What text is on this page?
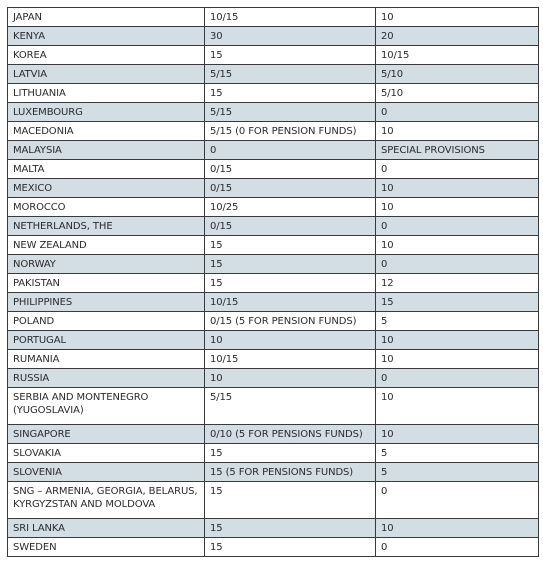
JAPAN	10/15	10
KENYA	30	20
KOREA	15	10/15
LATVIA	5/15	5/10
LITHUANIA	15	5/10
LUXEMBOURG	5/15	0
MACEDONIA	5/15 (0 FOR PENSION FUNDS)	10
MALAYSIA	0	SPECIAL PROVISIONS
MALTA	0/15	0
MEXICO	0/15	10
MOROCCO	10/25	10
NETHERLANDS, THE	0/15	0
NEW ZEALAND	15	10
NORWAY	15	0
PAKISTAN	15	12
PHILIPPINES	10/15	15
POLAND	0/15 (5 FOR PENSION FUNDS)	5
PORTUGAL	10	10
RUMANIA	10/15	10
RUSSIA	10	0
SERBIA AND MONTENEGRO (YUGOSLAVIA)	5/15	10
SINGAPORE	0/10 (5 FOR PENSIONS FUNDS)	10
SLOVAKIA	15	5
SLOVENIA	15 (5 FOR PENSIONS FUNDS)	5
SNG – ARMENIA, GEORGIA, BELARUS, KYRGYZSTAN AND MOLDOVA	15	0
SRI LANKA	15	10
SWEDEN	15	0
